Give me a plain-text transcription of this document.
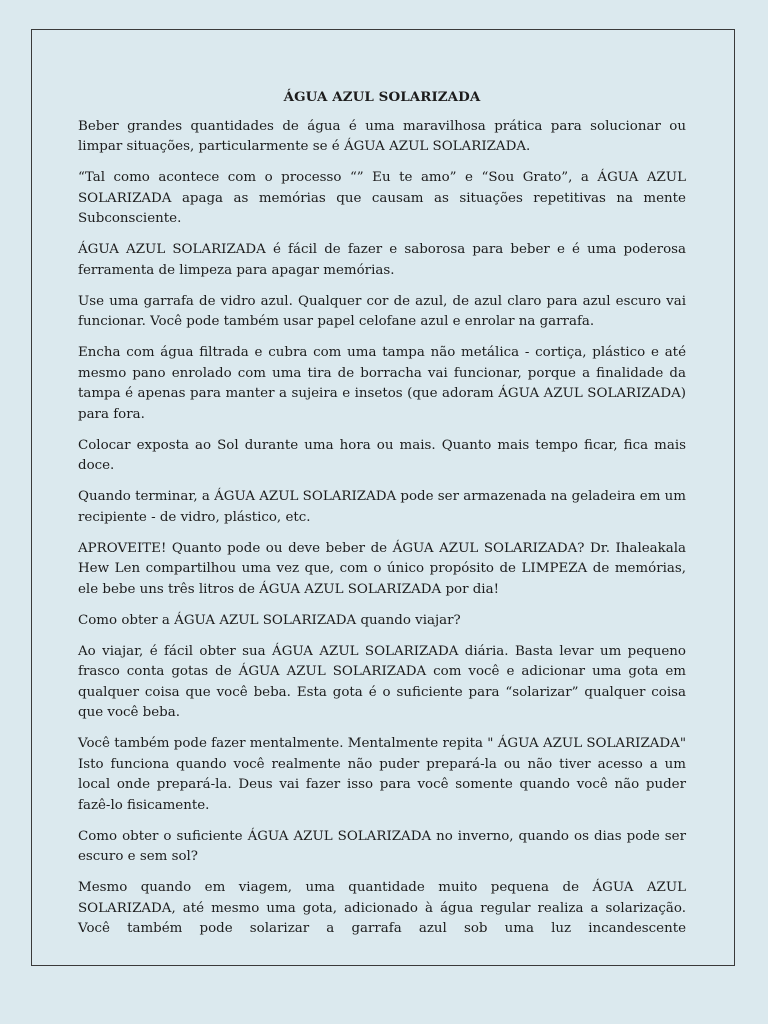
ÁGUA AZUL SOLARIZADA

Beber grandes quantidades de água é uma maravilhosa prática para solucionar ou limpar situações, particularmente se é ÁGUA AZUL SOLARIZADA.

“Tal como acontece com o processo “” Eu te amo” e “Sou Grato”, a ÁGUA AZUL SOLARIZADA apaga as memórias que causam as situações repetitivas na mente Subconsciente.

ÁGUA AZUL SOLARIZADA é fácil de fazer e saborosa para beber e é uma poderosa ferramenta de limpeza para apagar memórias.

Use uma garrafa de vidro azul. Qualquer cor de azul, de azul claro para azul escuro vai funcionar. Você pode também usar papel celofane azul e enrolar na garrafa.

Encha com água filtrada e cubra com uma tampa não metálica - cortiça, plástico e até mesmo pano enrolado com uma tira de borracha vai funcionar, porque a finalidade da tampa é apenas para manter a sujeira e insetos (que adoram ÁGUA AZUL SOLARIZADA) para fora.

Colocar exposta ao Sol durante uma hora ou mais. Quanto mais tempo ficar, fica mais doce.

Quando terminar, a ÁGUA AZUL SOLARIZADA pode ser armazenada na geladeira em um recipiente - de vidro, plástico, etc.

APROVEITE! Quanto pode ou deve beber de ÁGUA AZUL SOLARIZADA? Dr. Ihaleakala Hew Len compartilhou uma vez que, com o único propósito de LIMPEZA de memórias, ele bebe uns três litros de ÁGUA AZUL SOLARIZADA por dia!

Como obter a ÁGUA AZUL SOLARIZADA quando viajar?

Ao viajar, é fácil obter sua ÁGUA AZUL SOLARIZADA diária. Basta levar um pequeno frasco conta gotas de ÁGUA AZUL SOLARIZADA com você e adicionar uma gota em qualquer coisa que você beba. Esta gota é o suficiente para “solarizar” qualquer coisa que você beba.

Você também pode fazer mentalmente. Mentalmente repita " ÁGUA AZUL SOLARIZADA" Isto funciona quando você realmente não puder prepará-la ou não tiver acesso a um local onde prepará-la. Deus vai fazer isso para você somente quando você não puder fazê-lo fisicamente.

Como obter o suficiente ÁGUA AZUL SOLARIZADA no inverno, quando os dias pode ser escuro e sem sol?

Mesmo quando em viagem, uma quantidade muito pequena de ÁGUA AZUL SOLARIZADA, até mesmo uma gota, adicionado à água regular realiza a solarização. Você também pode solarizar a garrafa azul sob uma luz incandescente
